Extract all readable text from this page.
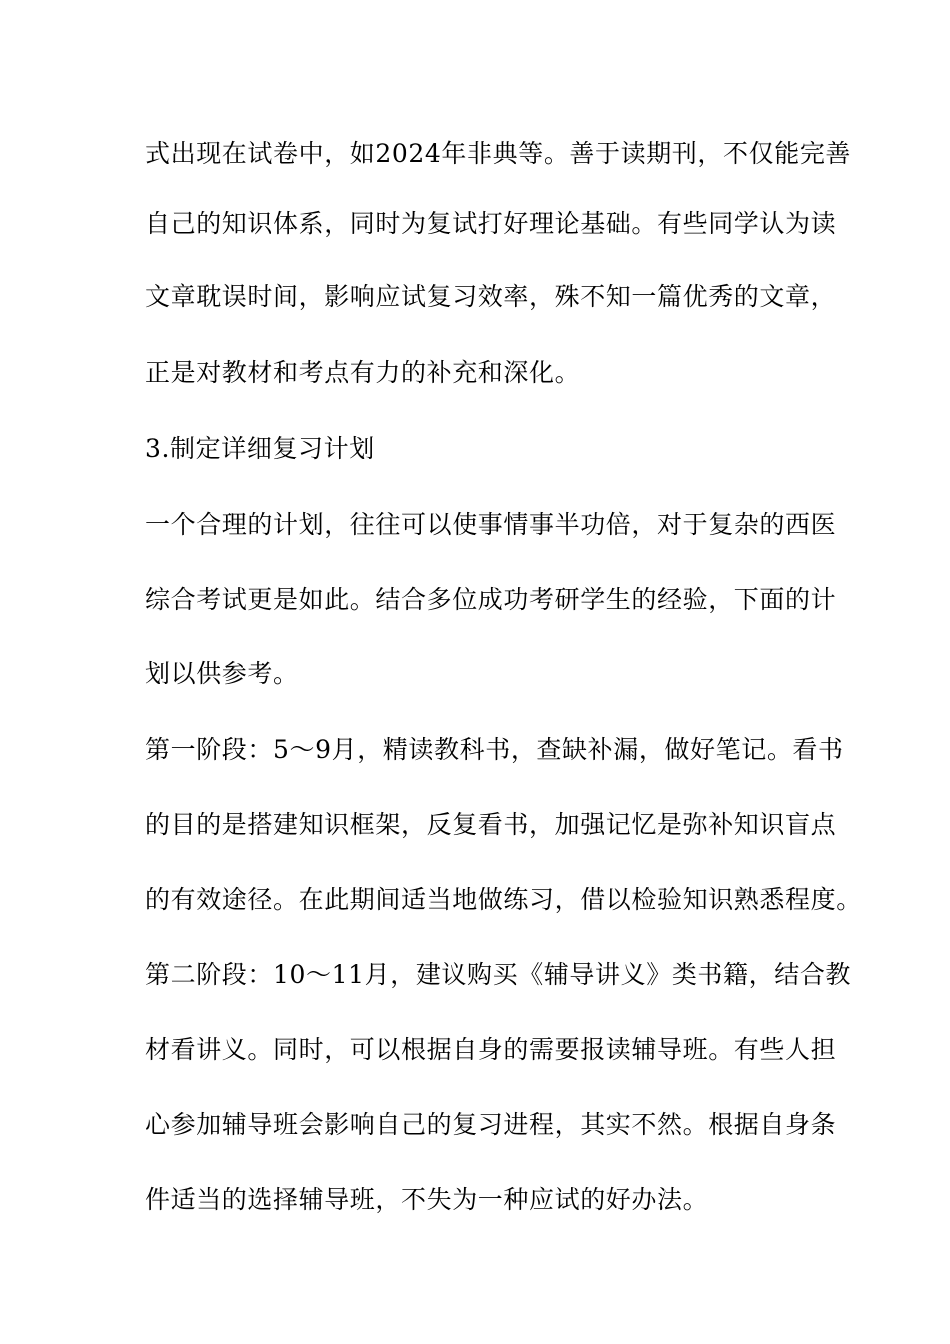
式出现在试卷中，如2024年非典等。善于读期刊，不仅能完善
自己的知识体系，同时为复试打好理论基础。有些同学认为读
文章耽误时间，影响应试复习效率，殊不知一篇优秀的文章，
正是对教材和考点有力的补充和深化。
3.制定详细复习计划
一个合理的计划，往往可以使事情事半功倍，对于复杂的西医
综合考试更是如此。结合多位成功考研学生的经验，下面的计
划以供参考。
第一阶段：5～9月，精读教科书，查缺补漏，做好笔记。看书
的目的是搭建知识框架，反复看书，加强记忆是弥补知识盲点
的有效途径。在此期间适当地做练习，借以检验知识熟悉程度。
第二阶段：10～11月，建议购买《辅导讲义》类书籍，结合教
材看讲义。同时，可以根据自身的需要报读辅导班。有些人担
心参加辅导班会影响自己的复习进程，其实不然。根据自身条
件适当的选择辅导班，不失为一种应试的好办法。
